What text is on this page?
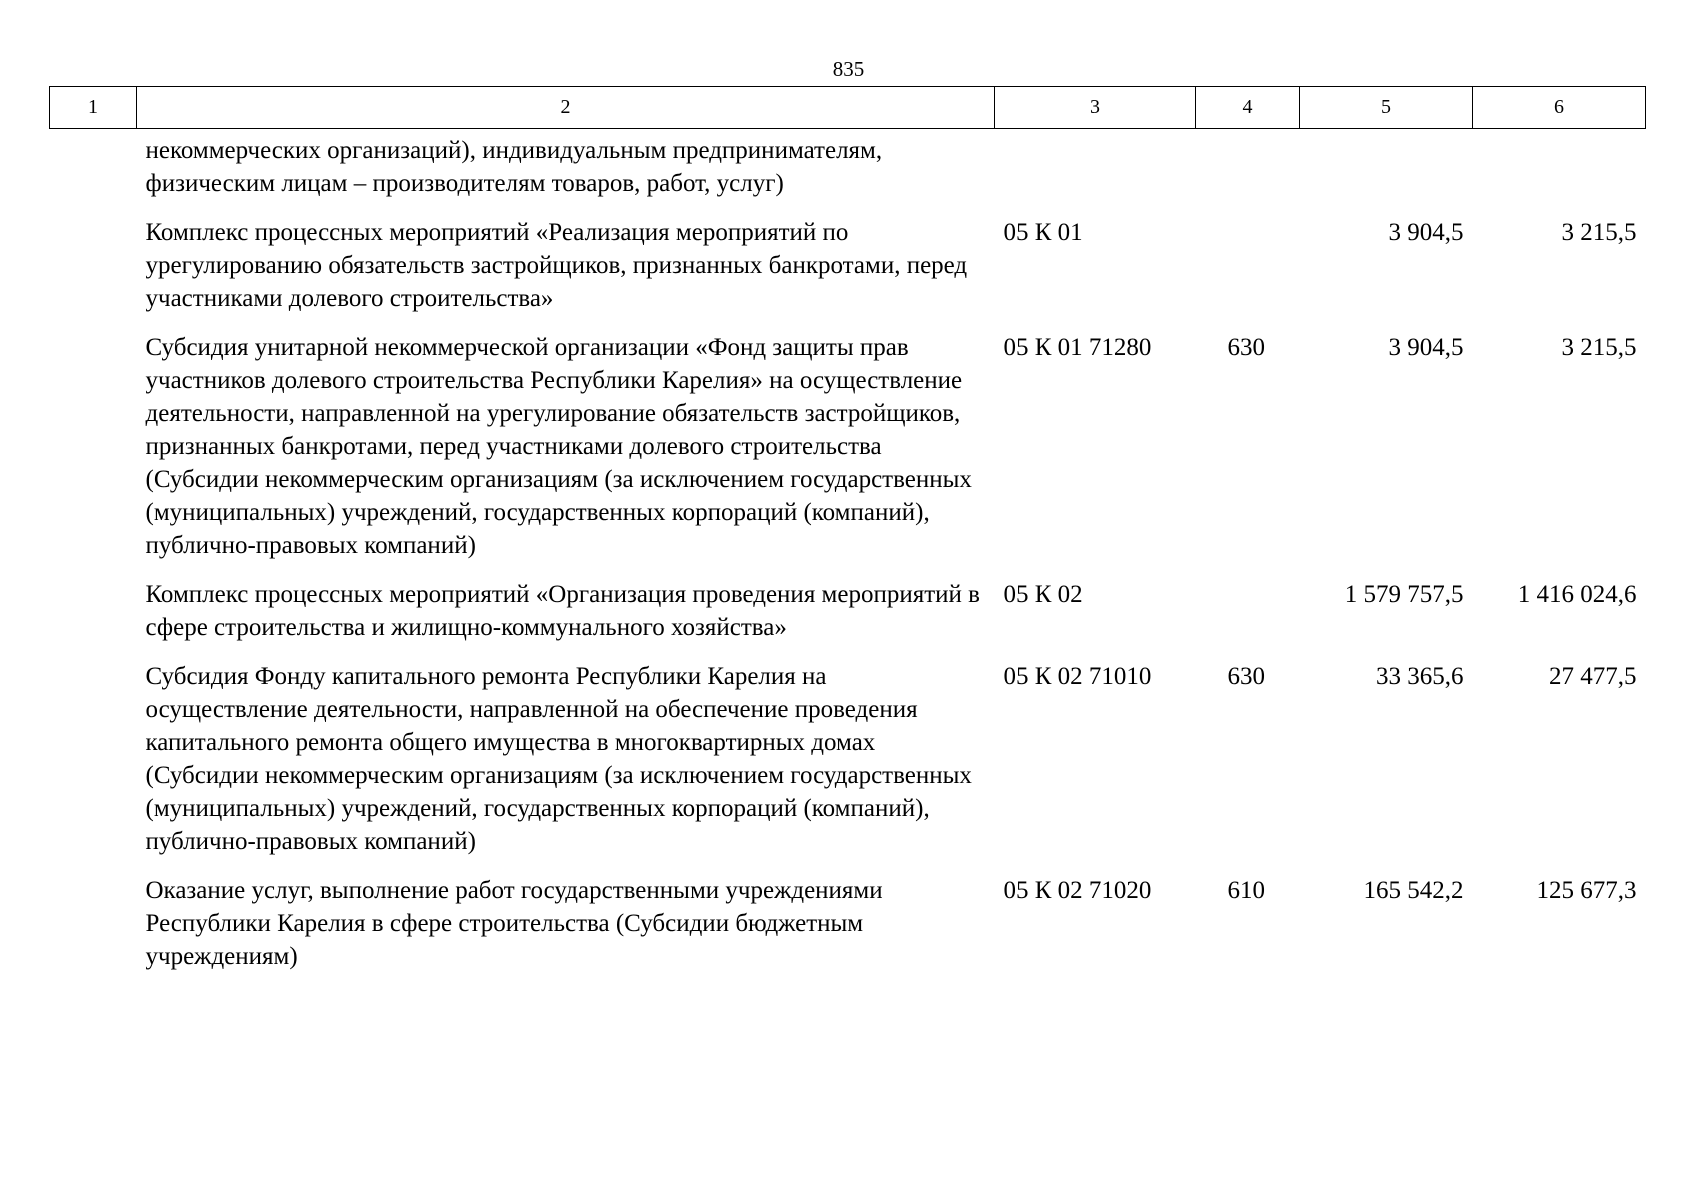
835
1	2	3	4	5	6
	некоммерческих организаций), индивидуальным предпринимателям, физическим лицам – производителям товаров, работ, услуг)				
	Комплекс процессных мероприятий «Реализация мероприятий по урегулированию обязательств застройщиков, признанных банкротами, перед участниками долевого строительства»	05 К 01		3 904,5	3 215,5
	Субсидия унитарной некоммерческой организации «Фонд защиты прав участников долевого строительства Республики Карелия» на осуществление деятельности, направленной на урегулирование обязательств застройщиков, признанных банкротами, перед участниками долевого строительства (Субсидии некоммерческим организациям (за исключением государственных (муниципальных) учреждений, государственных корпораций (компаний), публично-правовых компаний)	05 К 01 71280	630	3 904,5	3 215,5
	Комплекс процессных мероприятий «Организация проведения мероприятий в сфере строительства и жилищно-коммунального хозяйства»	05 К 02		1 579 757,5	1 416 024,6
	Субсидия Фонду капитального ремонта Республики Карелия на осуществление деятельности, направленной на обеспечение проведения капитального ремонта общего имущества в многоквартирных домах (Субсидии некоммерческим организациям (за исключением государственных (муниципальных) учреждений, государственных корпораций (компаний), публично-правовых компаний)	05 К 02 71010	630	33 365,6	27 477,5
	Оказание услуг, выполнение работ государственными учреждениями Республики Карелия в сфере строительства (Субсидии бюджетным учреждениям)	05 К 02 71020	610	165 542,2	125 677,3
